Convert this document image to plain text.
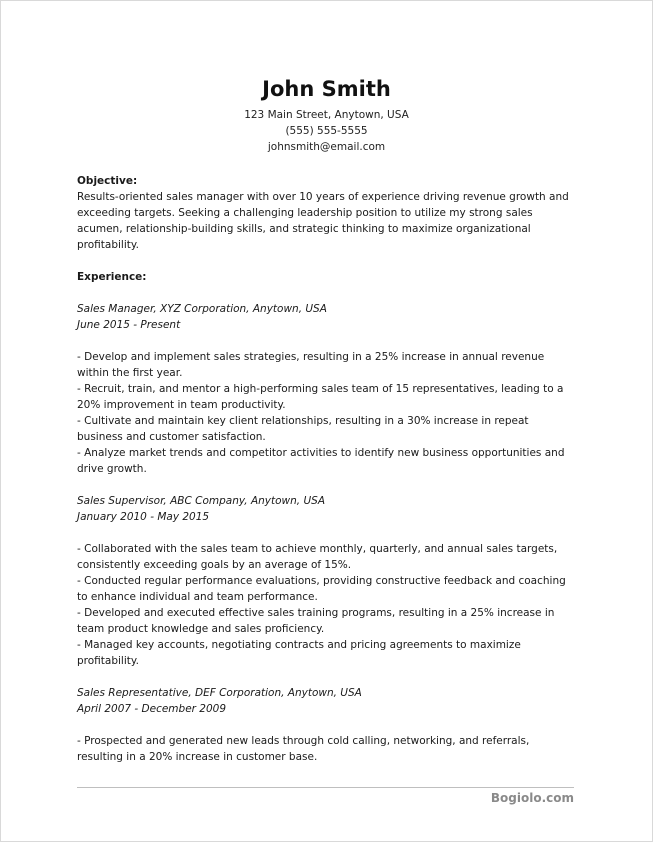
John Smith
123 Main Street, Anytown, USA
(555) 555-5555
johnsmith@email.com

Objective:

Results-oriented sales manager with over 10 years of experience driving revenue growth and exceeding targets. Seeking a challenging leadership position to utilize my strong sales acumen, relationship-building skills, and strategic thinking to maximize organizational profitability.

Experience:

Sales Manager, XYZ Corporation, Anytown, USA

June 2015 - Present

- Develop and implement sales strategies, resulting in a 25% increase in annual revenue within the first year.

- Recruit, train, and mentor a high-performing sales team of 15 representatives, leading to a 20% improvement in team productivity.

- Cultivate and maintain key client relationships, resulting in a 30% increase in repeat business and customer satisfaction.

- Analyze market trends and competitor activities to identify new business opportunities and drive growth.

Sales Supervisor, ABC Company, Anytown, USA

January 2010 - May 2015

- Collaborated with the sales team to achieve monthly, quarterly, and annual sales targets, consistently exceeding goals by an average of 15%.

- Conducted regular performance evaluations, providing constructive feedback and coaching to enhance individual and team performance.

- Developed and executed effective sales training programs, resulting in a 25% increase in team product knowledge and sales proficiency.

- Managed key accounts, negotiating contracts and pricing agreements to maximize profitability.

Sales Representative, DEF Corporation, Anytown, USA

April 2007 - December 2009

- Prospected and generated new leads through cold calling, networking, and referrals, resulting in a 20% increase in customer base.

Bogiolo.com
